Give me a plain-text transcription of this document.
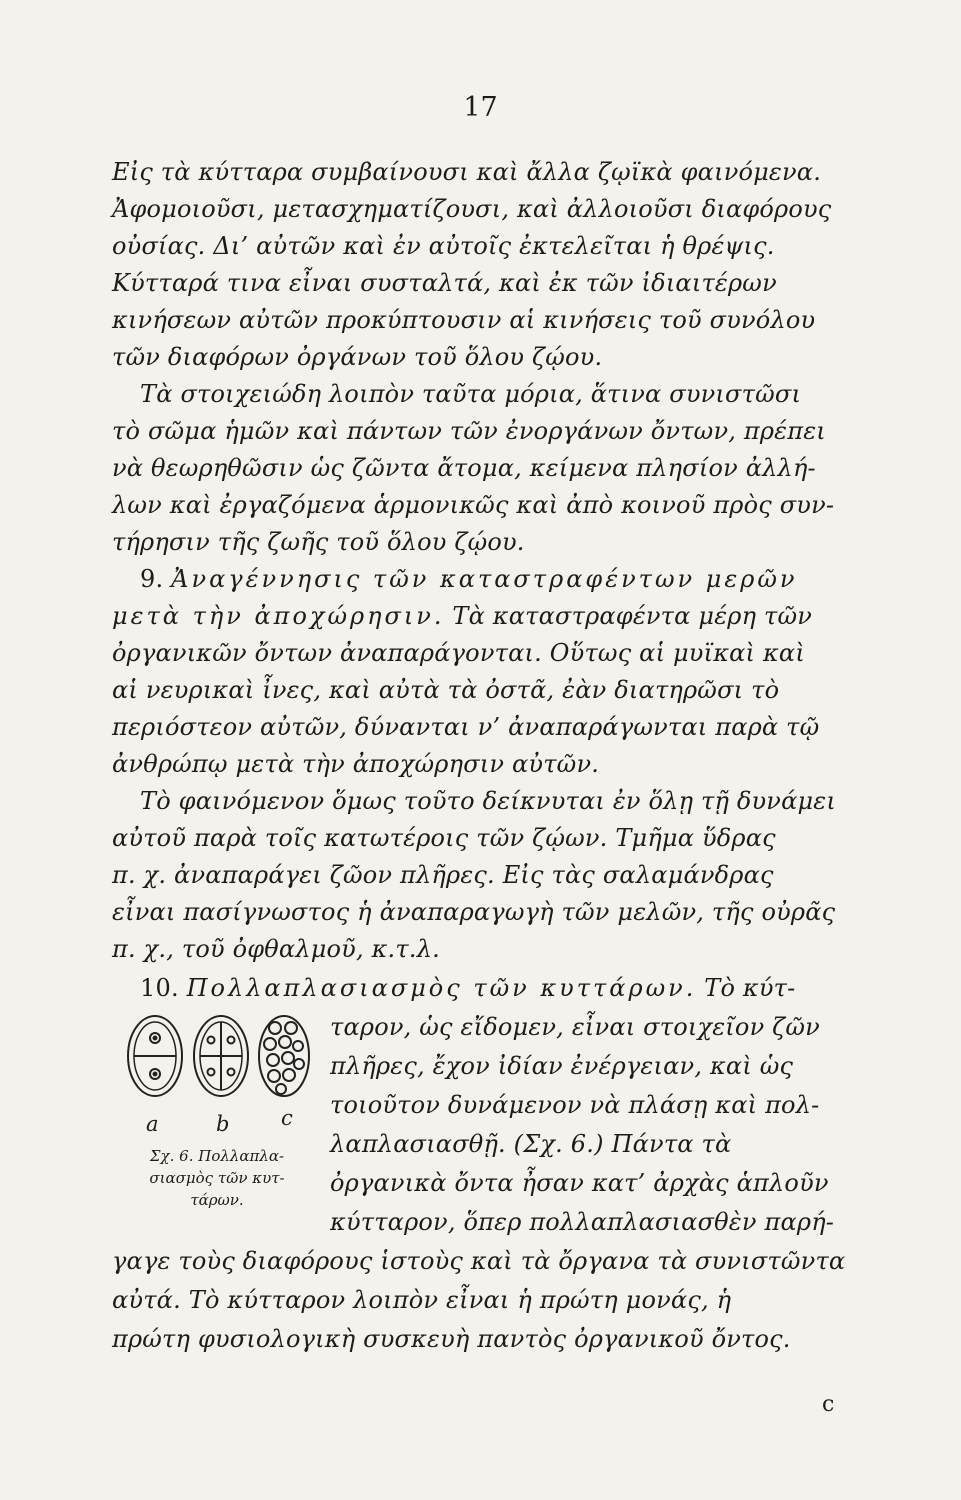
17
Εἰς τὰ κύτταρα συμβαίνουσι καὶ ἄλλα ζῳϊκὰ φαινόμενα.
Ἀφομοιοῦσι, μετασχηματίζουσι, καὶ ἀλλοιοῦσι διαφόρους
οὐσίας. Δι’ αὐτῶν καὶ ἐν αὐτοῖς ἐκτελεῖται ἡ θρέψις.
Κύτταρά τινα εἶναι συσταλτά, καὶ ἐκ τῶν ἰδιαιτέρων
κινήσεων αὐτῶν προκύπτουσιν αἱ κινήσεις τοῦ συνόλου
τῶν διαφόρων ὀργάνων τοῦ ὅλου ζῴου.
Τὰ στοιχειώδη λοιπὸν ταῦτα μόρια, ἅτινα συνιστῶσι
τὸ σῶμα ἡμῶν καὶ πάντων τῶν ἐνοργάνων ὄντων, πρέπει
νὰ θεωρηθῶσιν ὡς ζῶντα ἄτομα, κείμενα πλησίον ἀλλή-
λων καὶ ἐργαζόμενα ἁρμονικῶς καὶ ἀπὸ κοινοῦ πρὸς συν-
τήρησιν τῆς ζωῆς τοῦ ὅλου ζῴου.
9. Ἀναγέννησις τῶν καταστραφέντων μερῶν
μετὰ τὴν ἀποχώρησιν. Τὰ καταστραφέντα μέρη τῶν
ὀργανικῶν ὄντων ἀναπαράγονται. Οὕτως αἱ μυϊκαὶ καὶ
αἱ νευρικαὶ ἶνες, καὶ αὐτὰ τὰ ὀστᾶ, ἐὰν διατηρῶσι τὸ
περιόστεον αὐτῶν, δύνανται ν’ ἀναπαράγωνται παρὰ τῷ
ἀνθρώπῳ μετὰ τὴν ἀποχώρησιν αὐτῶν.
Τὸ φαινόμενον ὅμως τοῦτο δείκνυται ἐν ὅλῃ τῇ δυνάμει
αὐτοῦ παρὰ τοῖς κατωτέροις τῶν ζῴων. Τμῆμα ὕδρας
π. χ. ἀναπαράγει ζῶον πλῆρες. Εἰς τὰς σαλαμάνδρας
εἶναι πασίγνωστος ἡ ἀναπαραγωγὴ τῶν μελῶν, τῆς οὐρᾶς
π. χ., τοῦ ὀφθαλμοῦ, κ.τ.λ.
10. Πολλαπλασιασμὸς τῶν κυττάρων. Τὸ κύτ-
ταρον, ὡς εἴδομεν, εἶναι στοιχεῖον ζῶν
πλῆρες, ἔχον ἰδίαν ἐνέργειαν, καὶ ὡς
τοιοῦτον δυνάμενον νὰ πλάσῃ καὶ πολ-
λαπλασιασθῇ. (Σχ. 6.) Πάντα τὰ
ὀργανικὰ ὄντα ἦσαν κατ’ ἀρχὰς ἁπλοῦν
κύτταρον, ὅπερ πολλαπλασιασθὲν παρή-
γαγε τοὺς διαφόρους ἱστοὺς καὶ τὰ ὄργανα τὰ συνιστῶντα
αὐτά. Τὸ κύτταρον λοιπὸν εἶναι ἡ πρώτη μονάς, ἡ
πρώτη φυσιολογικὴ συσκευὴ παντὸς ὀργανικοῦ ὄντος.
a	b c
Σχ. 6. Πολλαπλα-
σιασμὸς τῶν κυτ-
τάρων.
c
